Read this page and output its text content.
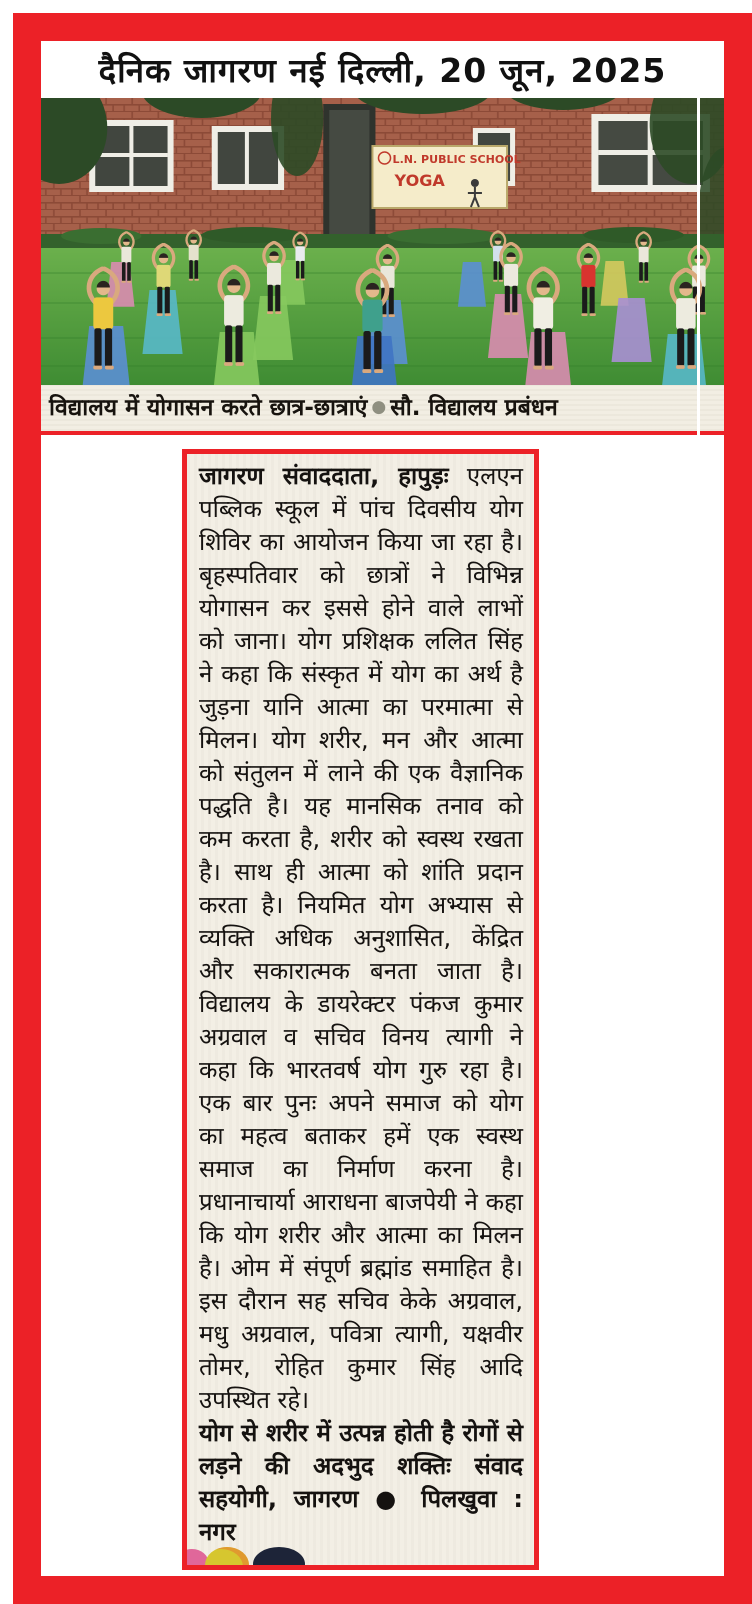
दैनिक जागरण नई दिल्ली, 20 जून, 2025
L.N. PUBLIC SCHOOL
YOGA
विद्यालय में योगासन करते छात्र-छात्राएं ● सौ. विद्यालय प्रबंधन
जागरण संवाददाता, हापुड़ः एलएन
पब्लिक स्कूल में पांच दिवसीय योग
शिविर का आयोजन किया जा रहा है।
बृहस्पतिवार को छात्रों ने विभिन्न
योगासन कर इससे होने वाले लाभों
को जाना। योग प्रशिक्षक ललित सिंह
ने कहा कि संस्कृत में योग का अर्थ है
जुड़ना यानि आत्मा का परमात्मा से
मिलन। योग शरीर, मन और आत्मा
को संतुलन में लाने की एक वैज्ञानिक
पद्धति है। यह मानसिक तनाव को
कम करता है, शरीर को स्वस्थ रखता
है। साथ ही आत्मा को शांति प्रदान
करता है। नियमित योग अभ्यास से
व्यक्ति अधिक अनुशासित, केंद्रित
और सकारात्मक बनता जाता है।
विद्यालय के डायरेक्टर पंकज कुमार
अग्रवाल व सचिव विनय त्यागी ने
कहा कि भारतवर्ष योग गुरु रहा है।
एक बार पुनः अपने समाज को योग
का महत्व बताकर हमें एक स्वस्थ
समाज का निर्माण करना है।
प्रधानाचार्या आराधना बाजपेयी ने कहा
कि योग शरीर और आत्मा का मिलन
है। ओम में संपूर्ण ब्रह्मांड समाहित है।
इस दौरान सह सचिव केके अग्रवाल,
मधु अग्रवाल, पवित्रा त्यागी, यक्षवीर
तोमर, रोहित कुमार सिंह आदि
उपस्थित रहे।
योग से शरीर में उत्पन्न होती है रोगों से
लड़ने की अदभुद शक्तिः संवाद
सहयोगी, जागरण ● पिलखुवा : नगर
